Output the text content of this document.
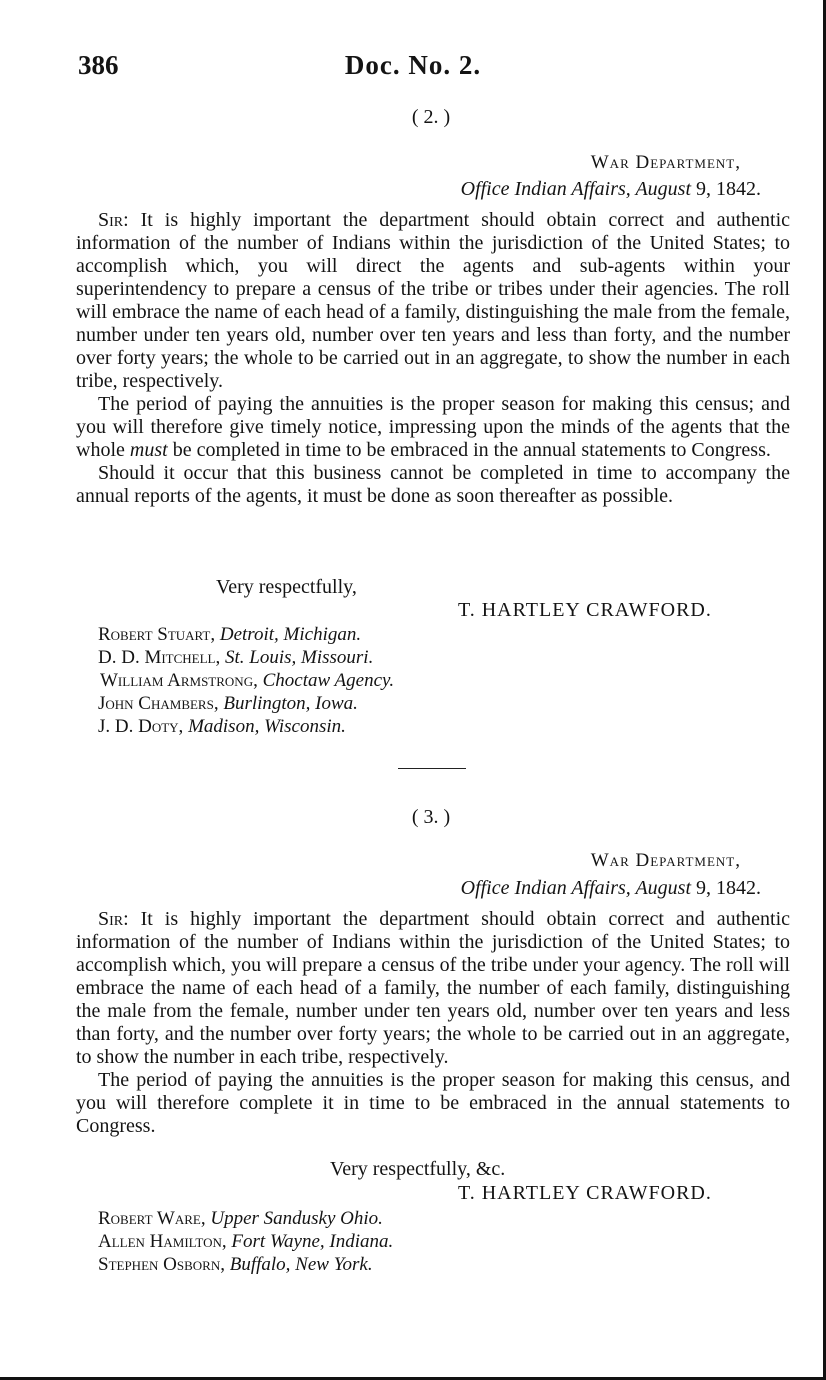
386	Doc. No. 2.
( 2. )
War Department,
Office Indian Affairs, August 9, 1842.

Sir: It is highly important the department should obtain correct and authentic information of the number of Indians within the jurisdiction of the United States; to accomplish which, you will direct the agents and sub-agents within your superintendency to prepare a census of the tribe or tribes under their agencies. The roll will embrace the name of each head of a family, distinguishing the male from the female, number under ten years old, number over ten years and less than forty, and the number over forty years; the whole to be carried out in an aggregate, to show the number in each tribe, respectively.

The period of paying the annuities is the proper season for making this census; and you will therefore give timely notice, impressing upon the minds of the agents that the whole must be completed in time to be embraced in the annual statements to Congress.

Should it occur that this business cannot be completed in time to accompany the annual reports of the agents, it must be done as soon thereafter as possible.

Very respectfully,
T. HARTLEY CRAWFORD.
Robert Stuart, Detroit, Michigan.
D. D. Mitchell, St. Louis, Missouri.
William Armstrong, Choctaw Agency.
John Chambers, Burlington, Iowa.
J. D. Doty, Madison, Wisconsin.
( 3. )
War Department,
Office Indian Affairs, August 9, 1842.

Sir: It is highly important the department should obtain correct and authentic information of the number of Indians within the jurisdiction of the United States; to accomplish which, you will prepare a census of the tribe under your agency. The roll will embrace the name of each head of a family, the number of each family, distinguishing the male from the female, number under ten years old, number over ten years and less than forty, and the number over forty years; the whole to be carried out in an aggregate, to show the number in each tribe, respectively.

The period of paying the annuities is the proper season for making this census, and you will therefore complete it in time to be embraced in the annual statements to Congress.

Very respectfully, &c.
T. HARTLEY CRAWFORD.
Robert Ware, Upper Sandusky Ohio.
Allen Hamilton, Fort Wayne, Indiana.
Stephen Osborn, Buffalo, New York.
